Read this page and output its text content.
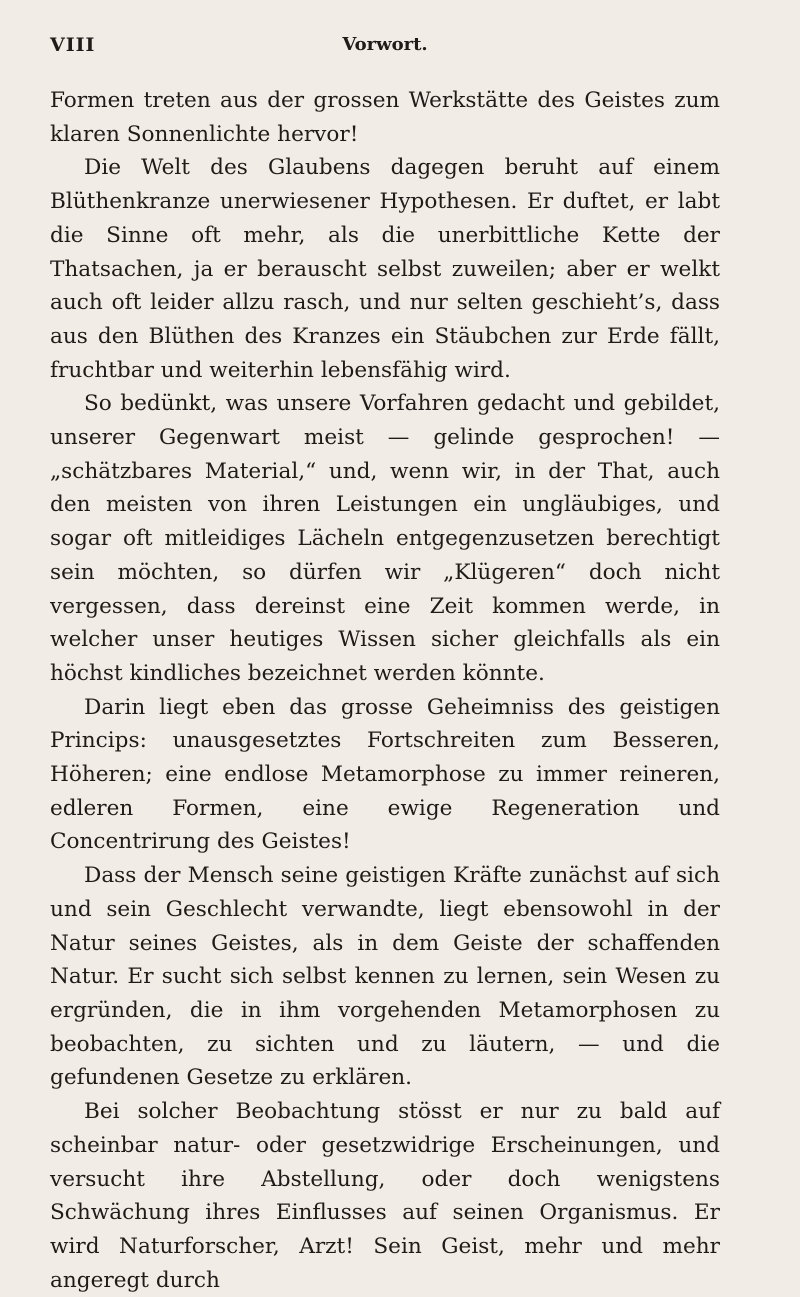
VIII	Vorwort.

Formen treten aus der grossen Werkstätte des Geistes zum klaren Sonnenlichte hervor!

Die Welt des Glaubens dagegen beruht auf einem Blüthenkranze unerwiesener Hypothesen. Er duftet, er labt die Sinne oft mehr, als die unerbittliche Kette der Thatsachen, ja er berauscht selbst zuweilen; aber er welkt auch oft leider allzu rasch, und nur selten geschieht’s, dass aus den Blüthen des Kranzes ein Stäubchen zur Erde fällt, fruchtbar und weiterhin lebensfähig wird.

So bedünkt, was unsere Vorfahren gedacht und gebildet, unserer Gegenwart meist — gelinde gesprochen! — „schätzbares Material,“ und, wenn wir, in der That, auch den meisten von ihren Leistungen ein ungläubiges, und sogar oft mitleidiges Lächeln entgegenzusetzen berechtigt sein möchten, so dürfen wir „Klügeren“ doch nicht vergessen, dass dereinst eine Zeit kommen werde, in welcher unser heutiges Wissen sicher gleichfalls als ein höchst kindliches bezeichnet werden könnte.

Darin liegt eben das grosse Geheimniss des geistigen Princips: unausgesetztes Fortschreiten zum Besseren, Höheren; eine endlose Metamorphose zu immer reineren, edleren Formen, eine ewige Regeneration und Concentrirung des Geistes!

Dass der Mensch seine geistigen Kräfte zunächst auf sich und sein Geschlecht verwandte, liegt ebensowohl in der Natur seines Geistes, als in dem Geiste der schaffenden Natur. Er sucht sich selbst kennen zu lernen, sein Wesen zu ergründen, die in ihm vorgehenden Metamorphosen zu beobachten, zu sichten und zu läutern, — und die gefundenen Gesetze zu erklären.

Bei solcher Beobachtung stösst er nur zu bald auf scheinbar natur- oder gesetzwidrige Erscheinungen, und versucht ihre Abstellung, oder doch wenigstens Schwächung ihres Einflusses auf seinen Organismus. Er wird Naturforscher, Arzt! Sein Geist, mehr und mehr angeregt durch
